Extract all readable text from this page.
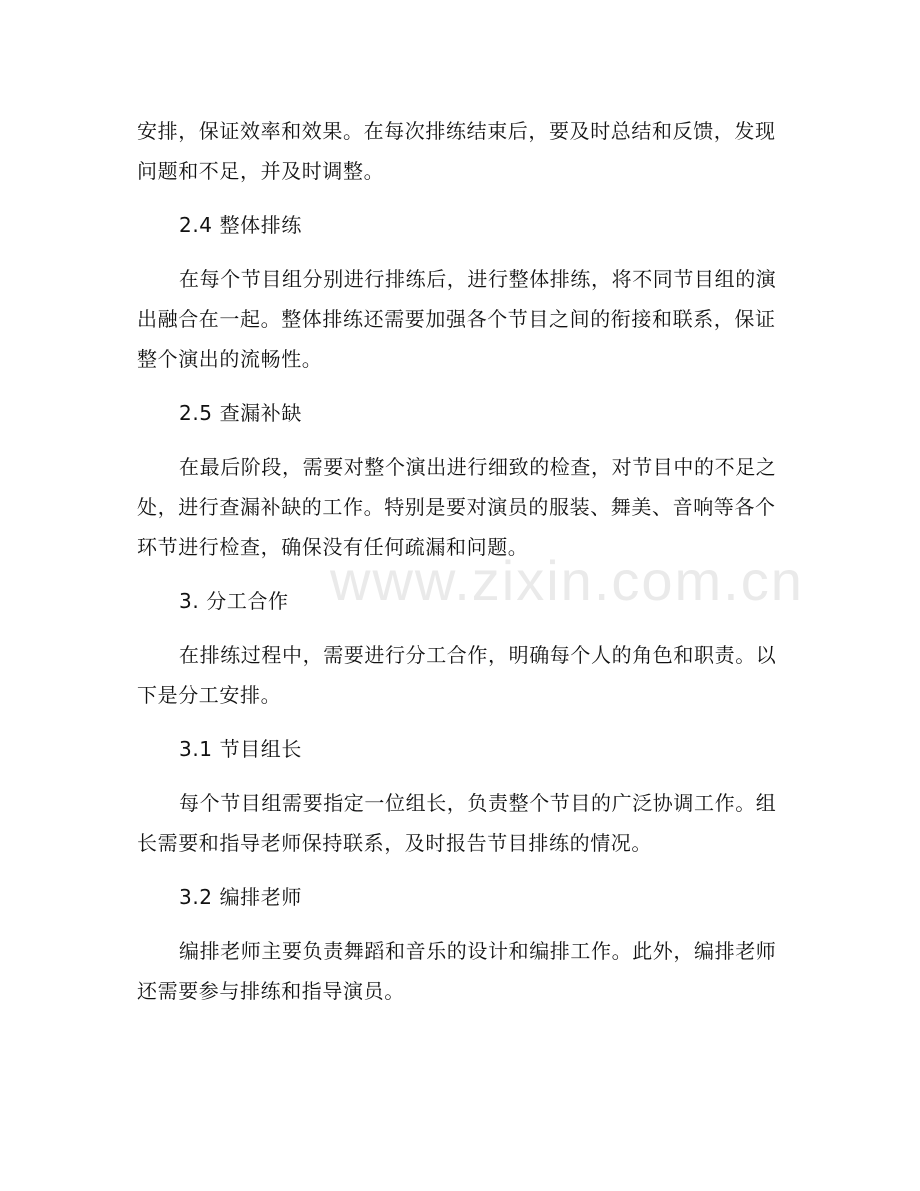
www.zixin.com.cn

安排，保证效率和效果。在每次排练结束后，要及时总结和反馈，发现问题和不足，并及时调整。

2.4 整体排练

在每个节目组分别进行排练后，进行整体排练，将不同节目组的演出融合在一起。整体排练还需要加强各个节目之间的衔接和联系，保证整个演出的流畅性。

2.5 查漏补缺

在最后阶段，需要对整个演出进行细致的检查，对节目中的不足之处，进行查漏补缺的工作。特别是要对演员的服装、舞美、音响等各个环节进行检查，确保没有任何疏漏和问题。

3. 分工合作

在排练过程中，需要进行分工合作，明确每个人的角色和职责。以下是分工安排。

3.1 节目组长

每个节目组需要指定一位组长，负责整个节目的广泛协调工作。组长需要和指导老师保持联系，及时报告节目排练的情况。

3.2 编排老师

编排老师主要负责舞蹈和音乐的设计和编排工作。此外，编排老师还需要参与排练和指导演员。
